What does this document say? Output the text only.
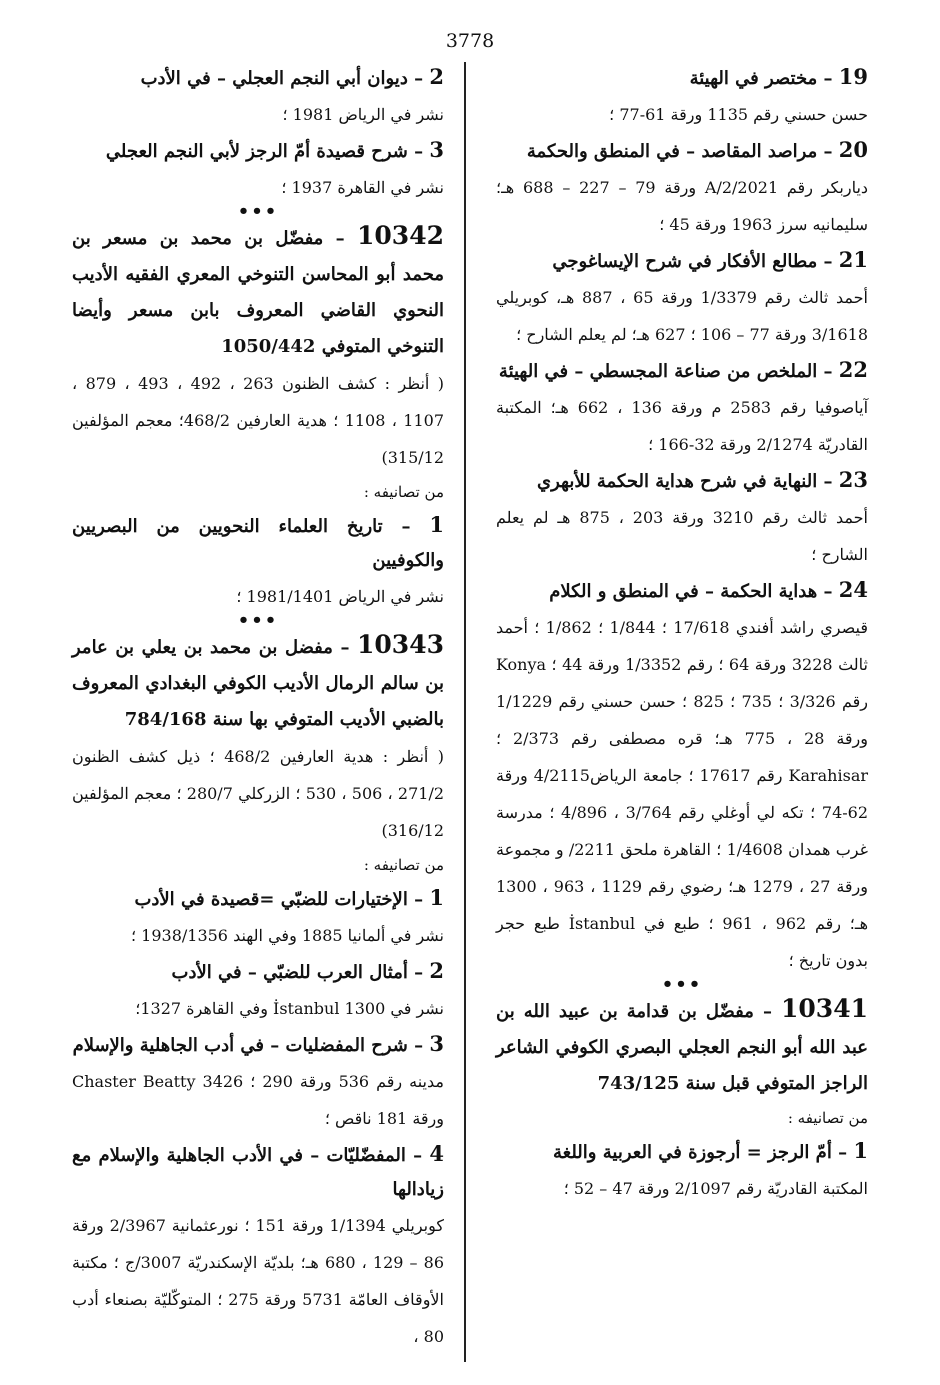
3778

19 – مختصر في الهيئة

حسن حسني رقم 1135 ورقة 61-77 ؛

20 – مراصد المقاصد – في المنطق والحكمة

دياربكر رقم 2/2021/A ورقة 79 – 227 – 688 هـ؛ سليمانيه سرز 1963 ورقة 45 ؛

21 – مطالع الأفكار في شرح الإيساغوجي

أحمد ثالث رقم 1/3379 ورقة 65 ، 887 هـ، كوبريلي 3/1618 ورقة 77 – 106 ؛ 627 هـ؛ لم يعلم الشارح ؛

22 – الملخص من صناعة المجسطي – في الهيئة

آياصوفيا رقم 2583 م ورقة 136 ، 662 هـ؛ المكتبة القادريّة 2/1274 ورقة 32-166 ؛

23 – النهاية في شرح هداية الحكمة للأبهري

أحمد ثالث رقم 3210 ورقة 203 ، 875 هـ لم يعلم الشارح ؛

24 – هداية الحكمة – في المنطق و الكلام

قيصري راشد أفندي 17/618 ؛ 1/844 ؛ 1/862 ؛ أحمد ثالث 3228 ورقة 64 ؛ رقم 1/3352 ورقة 44 ؛ Konya رقم 3/326 ؛ 735 ؛ 825 ؛ حسن حسني رقم 1/1229 ورقة 28 ، 775 هـ؛ قره مصطفى رقم 2/373 ؛ Karahisar رقم 17617 ؛ جامعة الرياض4/2115 ورقة 62-74 ؛ تكه لي أوغلي رقم 3/764 ، 4/896 ؛ مدرسة غرب همدان 1/4608 ؛ القاهرة ملحق 2211/ و مجموعة ورقة 27 ، 1279 هـ؛ رضوي رقم 1129 ، 963 ، 1300 هـ؛ رقم 962 ، 961 ؛ طبع في İstanbul طبع حجر بدون تاريخ ؛

•••

10341 – مفضّل بن قدامة بن عبيد الله بن عبد الله أبو النجم العجلي البصري الكوفي الشاعر الراجز المتوفي قبل سنة 743/125

من تصانيفه :

1 – أمّ الرجز = أرجوزة في العربية واللغة

المكتبة القادريّة رقم 2/1097 ورقة 47 – 52 ؛

2 – ديوان أبي النجم العجلي – في الأدب

نشر في الرياض 1981 ؛

3 – شرح قصيدة أمّ الرجز لأبي النجم العجلي

نشر في القاهرة 1937 ؛

•••

10342 – مفضّل بن محمد بن مسعر بن محمد أبو المحاسن التنوخي المعري الفقيه الأديب النحوي القاضي المعروف بابن مسعر وأيضا التنوخي المتوفي 1050/442

( أنظر : كشف الظنون 263 ، 492 ، 493 ، 879 ، 1107 ، 1108 ؛ هدية العارفين 468/2؛ معجم المؤلفين 315/12)

من تصانيفه :

1 – تاريخ العلماء النحويين من البصريين والكوفيين

نشر في الرياض 1981/1401 ؛

•••

10343 – مفضل بن محمد بن يعلي بن عامر بن سالم الرمال الأديب الكوفي البغدادي المعروف بالضبي الأديب المتوفي بها سنة 784/168

( أنظر : هدية العارفين 468/2 ؛ ذيل كشف الظنون 271/2 ، 506 ، 530 ؛ الزركلي 280/7 ؛ معجم المؤلفين 316/12)

من تصانيفه :

1 – الإختيارات للضبّي =قصيدة في الأدب

نشر في ألمانيا 1885 وفي الهند 1938/1356 ؛

2 – أمثال العرب للضبّي – في الأدب

نشر في İstanbul 1300 وفي القاهرة 1327؛

3 – شرح المفضليات – في أدب الجاهلية والإسلام

مدينه رقم 536 ورقة 290 ؛ Chaster Beatty 3426 ورقة 181 ناقص ؛

4 – المفضّليّات – في الأدب الجاهلية والإسلام مع زيادالها

كوبريلي 1/1394 ورقة 151 ؛ نورعثمانية 2/3967 ورقة 86 – 129 ، 680 هـ؛ بلديّة الإسكندريّة 3007/ج ؛ مكتبة الأوقاف العامّة 5731 ورقة 275 ؛ المتوكّليّة بصنعاء أدب 80 ،
